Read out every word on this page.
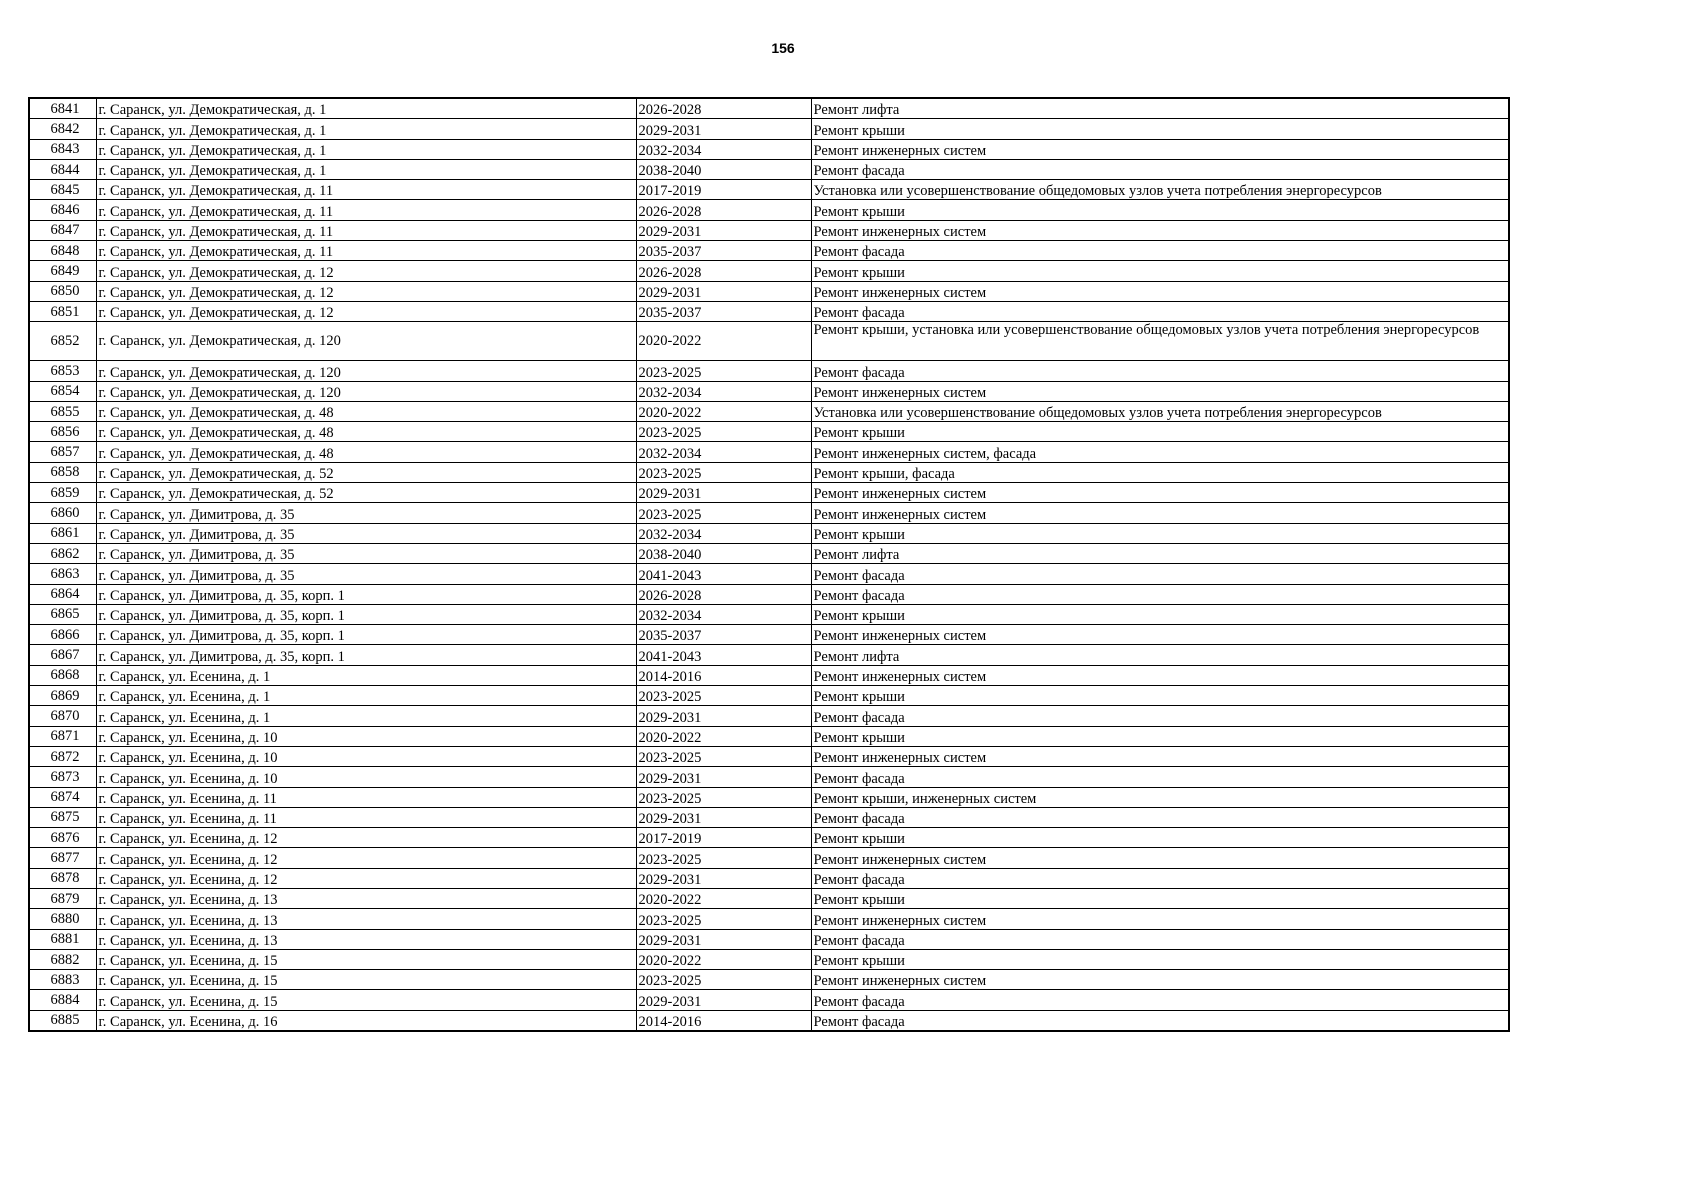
156
6841	г. Саранск, ул. Демократическая, д. 1	2026-2028	Ремонт лифта
6842	г. Саранск, ул. Демократическая, д. 1	2029-2031	Ремонт крыши
6843	г. Саранск, ул. Демократическая, д. 1	2032-2034	Ремонт инженерных систем
6844	г. Саранск, ул. Демократическая, д. 1	2038-2040	Ремонт фасада
6845	г. Саранск, ул. Демократическая, д. 11	2017-2019	Установка или усовершенствование общедомовых узлов учета потребления энергоресурсов
6846	г. Саранск, ул. Демократическая, д. 11	2026-2028	Ремонт крыши
6847	г. Саранск, ул. Демократическая, д. 11	2029-2031	Ремонт инженерных систем
6848	г. Саранск, ул. Демократическая, д. 11	2035-2037	Ремонт фасада
6849	г. Саранск, ул. Демократическая, д. 12	2026-2028	Ремонт крыши
6850	г. Саранск, ул. Демократическая, д. 12	2029-2031	Ремонт инженерных систем
6851	г. Саранск, ул. Демократическая, д. 12	2035-2037	Ремонт фасада
6852	г. Саранск, ул. Демократическая, д. 120	2020-2022	Ремонт крыши, установка или усовершенствование общедомовых узлов учета потребления энергоресурсов
6853	г. Саранск, ул. Демократическая, д. 120	2023-2025	Ремонт фасада
6854	г. Саранск, ул. Демократическая, д. 120	2032-2034	Ремонт инженерных систем
6855	г. Саранск, ул. Демократическая, д. 48	2020-2022	Установка или усовершенствование общедомовых узлов учета потребления энергоресурсов
6856	г. Саранск, ул. Демократическая, д. 48	2023-2025	Ремонт крыши
6857	г. Саранск, ул. Демократическая, д. 48	2032-2034	Ремонт инженерных систем, фасада
6858	г. Саранск, ул. Демократическая, д. 52	2023-2025	Ремонт крыши, фасада
6859	г. Саранск, ул. Демократическая, д. 52	2029-2031	Ремонт инженерных систем
6860	г. Саранск, ул. Димитрова, д. 35	2023-2025	Ремонт инженерных систем
6861	г. Саранск, ул. Димитрова, д. 35	2032-2034	Ремонт крыши
6862	г. Саранск, ул. Димитрова, д. 35	2038-2040	Ремонт лифта
6863	г. Саранск, ул. Димитрова, д. 35	2041-2043	Ремонт фасада
6864	г. Саранск, ул. Димитрова, д. 35, корп. 1	2026-2028	Ремонт фасада
6865	г. Саранск, ул. Димитрова, д. 35, корп. 1	2032-2034	Ремонт крыши
6866	г. Саранск, ул. Димитрова, д. 35, корп. 1	2035-2037	Ремонт инженерных систем
6867	г. Саранск, ул. Димитрова, д. 35, корп. 1	2041-2043	Ремонт лифта
6868	г. Саранск, ул. Есенина, д. 1	2014-2016	Ремонт инженерных систем
6869	г. Саранск, ул. Есенина, д. 1	2023-2025	Ремонт крыши
6870	г. Саранск, ул. Есенина, д. 1	2029-2031	Ремонт фасада
6871	г. Саранск, ул. Есенина, д. 10	2020-2022	Ремонт крыши
6872	г. Саранск, ул. Есенина, д. 10	2023-2025	Ремонт инженерных систем
6873	г. Саранск, ул. Есенина, д. 10	2029-2031	Ремонт фасада
6874	г. Саранск, ул. Есенина, д. 11	2023-2025	Ремонт крыши, инженерных систем
6875	г. Саранск, ул. Есенина, д. 11	2029-2031	Ремонт фасада
6876	г. Саранск, ул. Есенина, д. 12	2017-2019	Ремонт крыши
6877	г. Саранск, ул. Есенина, д. 12	2023-2025	Ремонт инженерных систем
6878	г. Саранск, ул. Есенина, д. 12	2029-2031	Ремонт фасада
6879	г. Саранск, ул. Есенина, д. 13	2020-2022	Ремонт крыши
6880	г. Саранск, ул. Есенина, д. 13	2023-2025	Ремонт инженерных систем
6881	г. Саранск, ул. Есенина, д. 13	2029-2031	Ремонт фасада
6882	г. Саранск, ул. Есенина, д. 15	2020-2022	Ремонт крыши
6883	г. Саранск, ул. Есенина, д. 15	2023-2025	Ремонт инженерных систем
6884	г. Саранск, ул. Есенина, д. 15	2029-2031	Ремонт фасада
6885	г. Саранск, ул. Есенина, д. 16	2014-2016	Ремонт фасада
